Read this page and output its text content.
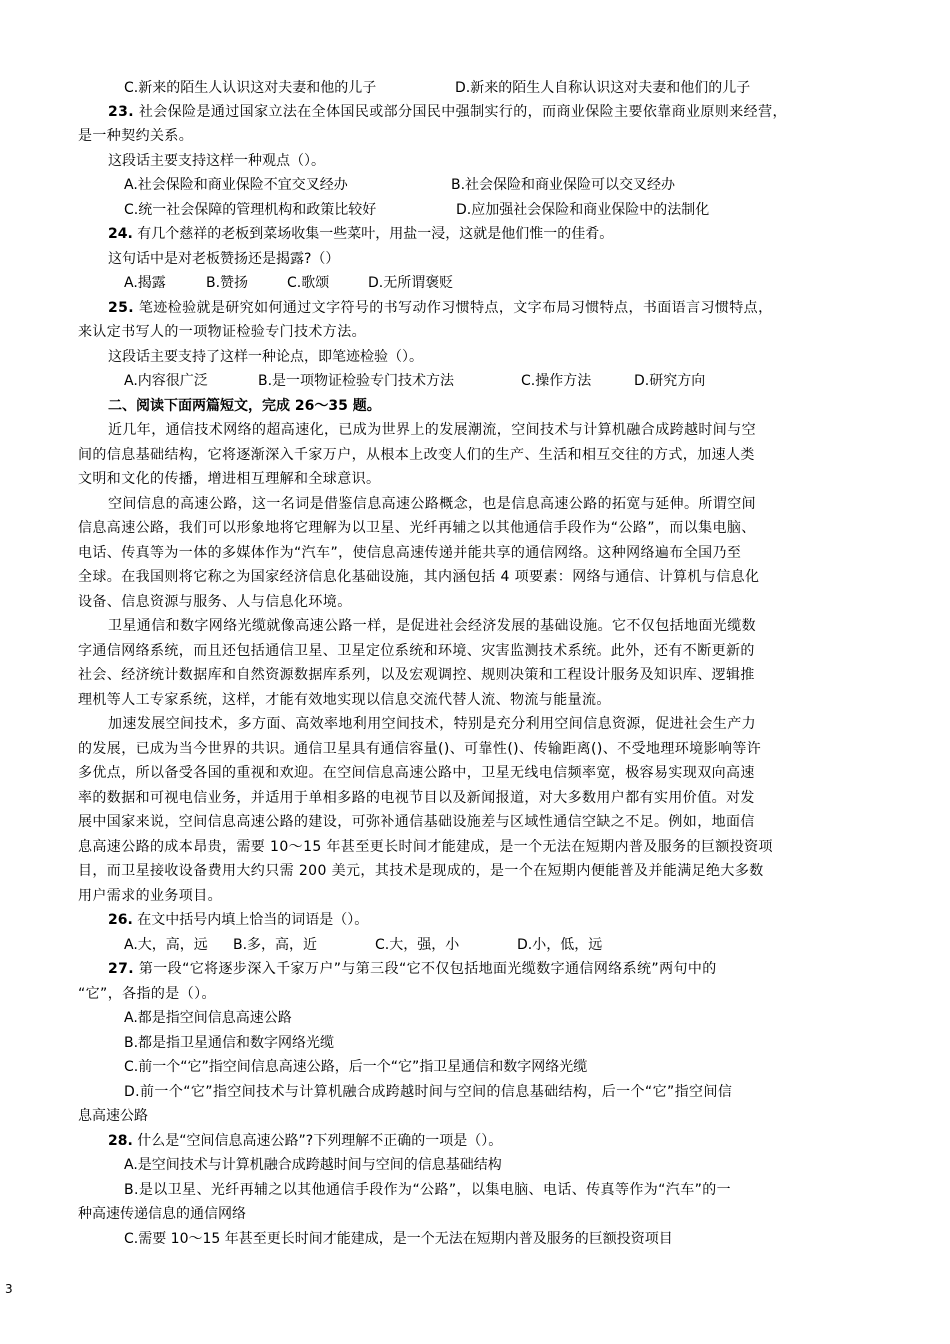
C.新来的陌生人认识这对夫妻和他的儿子	D.新来的陌生人自称认识这对夫妻和他们的儿子
23. 社会保险是通过国家立法在全体国民或部分国民中强制实行的，而商业保险主要依靠商业原则来经营，
是一种契约关系。
这段话主要支持这样一种观点（）。
A.社会保险和商业保险不宜交叉经办	B.社会保险和商业保险可以交叉经办
C.统一社会保障的管理机构和政策比较好	D.应加强社会保险和商业保险中的法制化
24. 有几个慈祥的老板到菜场收集一些菜叶，用盐一浸，这就是他们惟一的佳肴。
这句话中是对老板赞扬还是揭露?（）
A.揭露	B.赞扬	C.歌颂	D.无所谓褒贬
25. 笔迹检验就是研究如何通过文字符号的书写动作习惯特点，文字布局习惯特点，书面语言习惯特点，
来认定书写人的一项物证检验专门技术方法。
这段话主要支持了这样一种论点，即笔迹检验（）。
A.内容很广泛	B.是一项物证检验专门技术方法	C.操作方法	D.研究方向
二、阅读下面两篇短文，完成 26～35 题。
近几年，通信技术网络的超高速化，已成为世界上的发展潮流，空间技术与计算机融合成跨越时间与空
间的信息基础结构，它将逐渐深入千家万户，从根本上改变人们的生产、生活和相互交往的方式，加速人类
文明和文化的传播，增进相互理解和全球意识。
空间信息的高速公路，这一名词是借鉴信息高速公路概念，也是信息高速公路的拓宽与延伸。所谓空间
信息高速公路，我们可以形象地将它理解为以卫星、光纤再辅之以其他通信手段作为“公路”，而以集电脑、
电话、传真等为一体的多媒体作为“汽车”，使信息高速传递并能共享的通信网络。这种网络遍布全国乃至
全球。在我国则将它称之为国家经济信息化基础设施，其内涵包括 4 项要素：网络与通信、计算机与信息化
设备、信息资源与服务、人与信息化环境。
卫星通信和数字网络光缆就像高速公路一样，是促进社会经济发展的基础设施。它不仅包括地面光缆数
字通信网络系统，而且还包括通信卫星、卫星定位系统和环境、灾害监测技术系统。此外，还有不断更新的
社会、经济统计数据库和自然资源数据库系列，以及宏观调控、规则决策和工程设计服务及知识库、逻辑推
理机等人工专家系统，这样，才能有效地实现以信息交流代替人流、物流与能量流。
加速发展空间技术，多方面、高效率地利用空间技术，特别是充分利用空间信息资源，促进社会生产力
的发展，已成为当今世界的共识。通信卫星具有通信容量()、可靠性()、传输距离()、不受地理环境影响等许
多优点，所以备受各国的重视和欢迎。在空间信息高速公路中，卫星无线电信频率宽，极容易实现双向高速
率的数据和可视电信业务，并适用于单相多路的电视节目以及新闻报道，对大多数用户都有实用价值。对发
展中国家来说，空间信息高速公路的建设，可弥补通信基础设施差与区域性通信空缺之不足。例如，地面信
息高速公路的成本昂贵，需要 10～15 年甚至更长时间才能建成，是一个无法在短期内普及服务的巨额投资项
目，而卫星接收设备费用大约只需 200 美元，其技术是现成的，是一个在短期内便能普及并能满足绝大多数
用户需求的业务项目。
26. 在文中括号内填上恰当的词语是（）。
A.大，高，远 B.多，高，近	C.大，强，小	D.小，低，远
27. 第一段“它将逐步深入千家万户”与第三段“它不仅包括地面光缆数字通信网络系统”两句中的
“它”，各指的是（）。
A.都是指空间信息高速公路
B.都是指卫星通信和数字网络光缆
C.前一个“它”指空间信息高速公路，后一个“它”指卫星通信和数字网络光缆
D.前一个“它”指空间技术与计算机融合成跨越时间与空间的信息基础结构，后一个“它”指空间信
息高速公路
28. 什么是“空间信息高速公路”?下列理解不正确的一项是（）。
A.是空间技术与计算机融合成跨越时间与空间的信息基础结构
B.是以卫星、光纤再辅之以其他通信手段作为“公路”，以集电脑、电话、传真等作为“汽车”的一
种高速传递信息的通信网络
C.需要 10～15 年甚至更长时间才能建成，是一个无法在短期内普及服务的巨额投资项目
3
